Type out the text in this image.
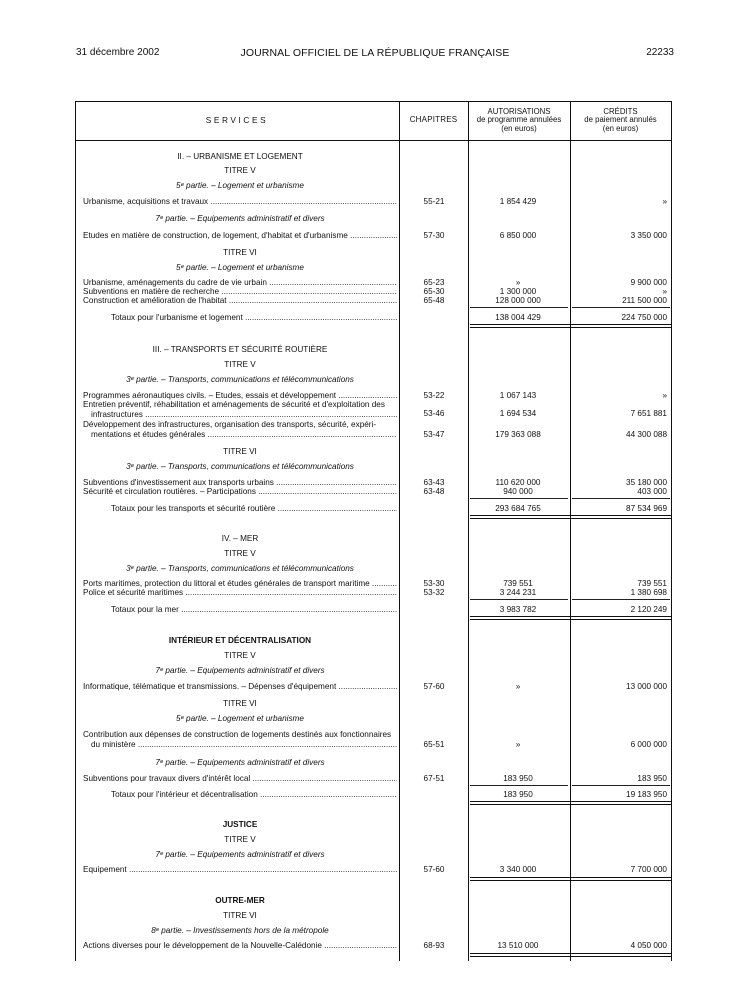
31 décembre 2002	JOURNAL OFFICIEL DE LA RÉPUBLIQUE FRANÇAISE	22233
SERVICES	CHAPITRES
AUTORISATIONS
de programme annulées
(en euros)
CRÉDITS
de paiement annulés
(en euros)
II. – URBANISME ET LOGEMENT
TITRE V
5ᵉ partie. – Logement et urbanisme
Urbanisme, acquisitions et travaux .....	55-21	1 854 429	»
7ᵉ partie. – Equipements administratif et divers
Etudes en matière de construction, de logement, d'habitat et d'urbanisme .....	57-30	6 850 000	3 350 000
TITRE VI
5ᵉ partie. – Logement et urbanisme
Urbanisme, aménagements du cadre de vie urbain .....	65-23	»	9 900 000
Subventions en matière de recherche .....	65-30	1 300 000	»
Construction et amélioration de l'habitat .....	65-48	128 000 000	211 500 000
Totaux pour l'urbanisme et logement .....	138 004 429	224 750 000
III. – TRANSPORTS ET SÉCURITÉ ROUTIÈRE
TITRE V
3ᵉ partie. – Transports, communications et télécommunications
Programmes aéronautiques civils. – Etudes, essais et développement .....	53-22	1 067 143	»
Entretien préventif, réhabilitation et aménagements de sécurité et d'exploitation des
infrastructures .....	53-46	1 694 534	7 651 881
Développement des infrastructures, organisation des transports, sécurité, expéri-
mentations et études générales .....	53-47	179 363 088	44 300 088
TITRE VI
3ᵉ partie. – Transports, communications et télécommunications
Subventions d'investissement aux transports urbains .....	63-43	110 620 000	35 180 000
Sécurité et circulation routières. – Participations .....	63-48	940 000	403 000
Totaux pour les transports et sécurité routière .....	293 684 765	87 534 969
IV. – MER
TITRE V
3ᵉ partie. – Transports, communications et télécommunications
Ports maritimes, protection du littoral et études générales de transport maritime .....	53-30	739 551	739 551
Police et sécurité maritimes .....	53-32	3 244 231	1 380 698
Totaux pour la mer .....	3 983 782	2 120 249
INTÉRIEUR ET DÉCENTRALISATION
TITRE V
7ᵉ partie. – Equipements administratif et divers
Informatique, télématique et transmissions. – Dépenses d'équipement .....	57-60	»	13 000 000
TITRE VI
5ᵉ partie. – Logement et urbanisme
Contribution aux dépenses de construction de logements destinés aux fonctionnaires
du ministère .....	65-51	»	6 000 000
7ᵉ partie. – Equipements administratif et divers
Subventions pour travaux divers d'intérêt local .....	67-51	183 950	183 950
Totaux pour l'intérieur et décentralisation .....	183 950	19 183 950
JUSTICE
TITRE V
7ᵉ partie. – Equipements administratif et divers
Equipement .....	57-60	3 340 000	7 700 000
OUTRE-MER
TITRE VI
8ᵉ partie. – Investissements hors de la métropole
Actions diverses pour le développement de la Nouvelle-Calédonie .....	68-93	13 510 000	4 050 000
